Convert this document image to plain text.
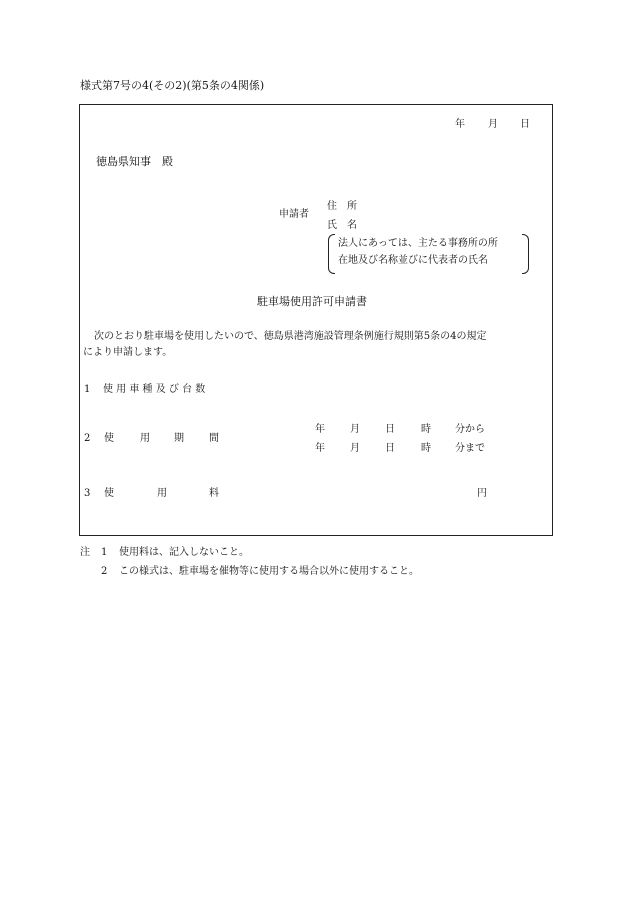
様式第7号の4(その2)(第5条の4関係)
年 月 日
徳島県知事　殿
申請者
住　所
氏　名
法人にあっては、主たる事務所の所
在地及び名称並びに代表者の氏名
駐車場使用許可申請書
次のとおり駐車場を使用したいので、徳島県港湾施設管理条例施行規則第5条の4の規定
により申請します。
1 使 用 車 種 及 び 台 数
2 使	用 期	間
年	月	日	時 分から
年	月	日	時 分まで
3 使	用	料	円
注 1 使用料は、記入しないこと。
2 この様式は、駐車場を催物等に使用する場合以外に使用すること。
